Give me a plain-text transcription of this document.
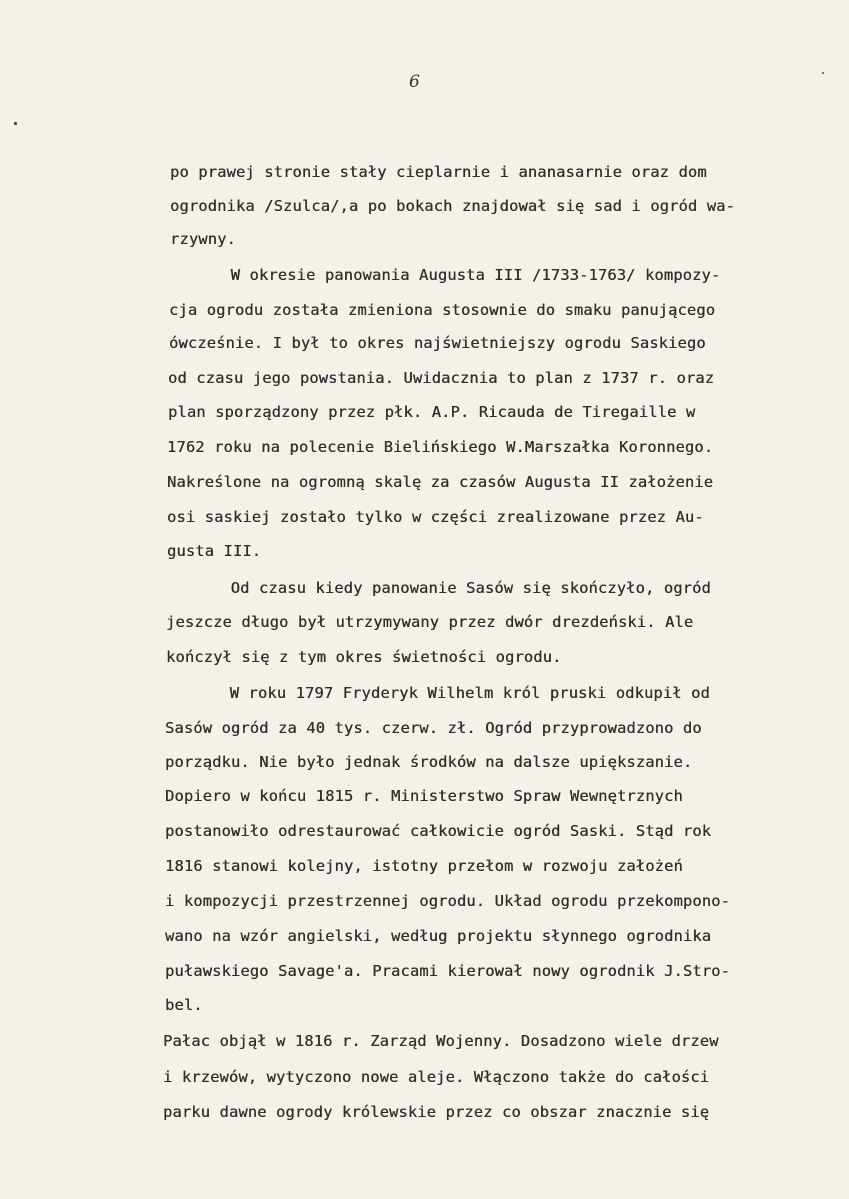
6
po prawej stronie stały cieplarnie i ananasarnie oraz dom
ogrodnika /Szulca/,a po bokach znajdował się sad i ogród wa-
rzywny.
W okresie panowania Augusta III /1733-1763/ kompozy-
cja ogrodu została zmieniona stosownie do smaku panującego
ówcześnie. I był to okres najświetniejszy ogrodu Saskiego
od czasu jego powstania. Uwidacznia to plan z 1737 r. oraz
plan sporządzony przez płk. A.P. Ricauda de Tiregaille w
1762 roku na polecenie Bielińskiego W.Marszałka Koronnego.
Nakreślone na ogromną skalę za czasów Augusta II założenie
osi saskiej zostało tylko w części zrealizowane przez Au-
gusta III.
Od czasu kiedy panowanie Sasów się skończyło, ogród
jeszcze długo był utrzymywany przez dwór drezdeński. Ale
kończył się z tym okres świetności ogrodu.
W roku 1797 Fryderyk Wilhelm król pruski odkupił od
Sasów ogród za 40 tys. czerw. zł. Ogród przyprowadzono do
porządku. Nie było jednak środków na dalsze upiększanie.
Dopiero w końcu 1815 r. Ministerstwo Spraw Wewnętrznych
postanowiło odrestaurować całkowicie ogród Saski. Stąd rok
1816 stanowi kolejny, istotny przełom w rozwoju założeń
i kompozycji przestrzennej ogrodu. Układ ogrodu przekompono-
wano na wzór angielski, według projektu słynnego ogrodnika
puławskiego Savage'a. Pracami kierował nowy ogrodnik J.Stro-
bel.
Pałac objął w 1816 r. Zarząd Wojenny. Dosadzono wiele drzew
i krzewów, wytyczono nowe aleje. Włączono także do całości
parku dawne ogrody królewskie przez co obszar znacznie się
